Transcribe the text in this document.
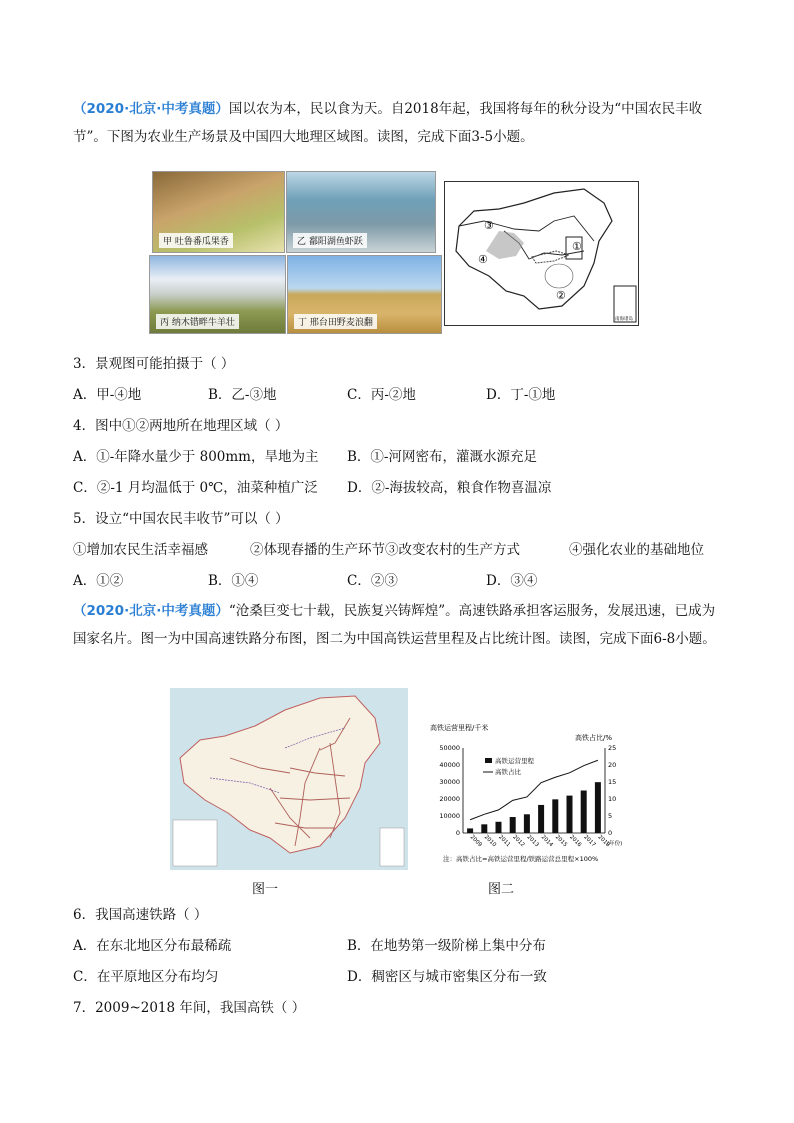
（2020·北京·中考真题）国以农为本，民以食为天。自2018年起，我国将每年的秋分设为“中国农民丰收节”。下图为农业生产场景及中国四大地理区域图。读图，完成下面3-5小题。
甲 吐鲁番瓜果香	乙 鄱阳湖鱼虾跃
丙 纳木错畔牛羊壮	丁 邢台田野麦浪翻
①
②
③
④
南海诸岛
3．景观图可能拍摄于（ ）
A．甲-④地	B．乙-③地	C．丙-②地	D．丁-①地
4．图中①②两地所在地理区域（ ）
A．①-年降水量少于 800mm，旱地为主 B．①-河网密布，灌溉水源充足
C．②-1 月均温低于 0℃，油菜种植广泛 D．②-海拔较高，粮食作物喜温凉
5．设立“中国农民丰收节”可以（ ）
①增加农民生活幸福感	②体现春播的生产环节③改变农村的生产方式	④强化农业的基础地位
A．①②	B．①④	C．②③	D．③④
（2020·北京·中考真题）“沧桑巨变七十载，民族复兴铸辉煌”。高速铁路承担客运服务，发展迅速，已成为国家名片。图一为中国高速铁路分布图，图二为中国高铁运营里程及占比统计图。读图，完成下面6-8小题。
图一
高铁运营里程/千米
高铁占比/%
0
10000
20000
30000
40000
50000
0
5
10
15
20
25
2009 2010 2011 2012 2013 2014 2015 2016 2017 2018
(年份)
高铁运营里程
高铁占比
注：高铁占比=高铁运营里程/铁路运营总里程×100%
图二
6．我国高速铁路（ ）
A．在东北地区分布最稀疏	B．在地势第一级阶梯上集中分布
C．在平原地区分布均匀	D．稠密区与城市密集区分布一致
7．2009~2018 年间，我国高铁（ ）
